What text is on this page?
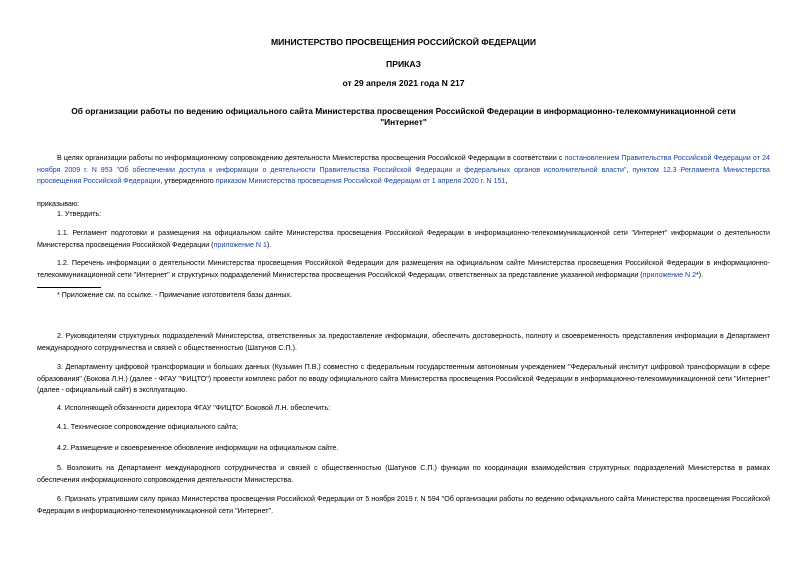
МИНИСТЕРСТВО ПРОСВЕЩЕНИЯ РОССИЙСКОЙ ФЕДЕРАЦИИ
ПРИКАЗ
от 29 апреля 2021 года N 217
Об организации работы по ведению официального сайта Министерства просвещения Российской Федерации в информационно-телекоммуникационной сети
"Интернет"
В целях организации работы по информационному сопровождению деятельности Министерства просвещения Российской Федерации в соответствии с постановлением Правительства Российской Федерации от 24 ноября 2009 г. N 953 "Об обеспечении доступа к информации о деятельности Правительства Российской Федерации и федеральных органов исполнительной власти", пунктом 12.3 Регламента Министерства просвещения Российской Федерации, утвержденного приказом Министерства просвещения Российской Федерации от 1 апреля 2020 г. N 151,
приказываю:
1. Утвердить:
1.1. Регламент подготовки и размещения на официальном сайте Министерства просвещения Российской Федерации в информационно-телекоммуникационной сети "Интернет" информации о деятельности Министерства просвещения Российской Федерации (приложение N 1).
1.2. Перечень информации о деятельности Министерства просвещения Российской Федерации для размещения на официальном сайте Министерства просвещения Российской Федерации в информационно-телекоммуникационной сети "Интернет" и структурных подразделений Министерства просвещения Российской Федерации, ответственных за представление указанной информации (приложение N 2*).
* Приложение см. по ссылке. - Примечание изготовителя базы данных.
2. Руководителям структурных подразделений Министерства, ответственных за предоставление информации, обеспечить достоверность, полноту и своевременность представления информации в Департамент международного сотрудничества и связей с общественностью (Шатунов С.П.).
3. Департаменту цифровой трансформации и больших данных (Кузьмин П.В.) совместно с федеральным государственным автономным учреждением "Федеральный институт цифровой трансформации в сфере образования" (Бокова Л.Н.) (далее - ФГАУ "ФИЦТО") провести комплекс работ по вводу официального сайта Министерства просвещения Российской Федерации в информационно-телекоммуникационной сети "Интернет" (далее - официальный сайт) в эксплуатацию.
4. Исполняющей обязанности директора ФГАУ "ФИЦТО" Боковой Л.Н. обеспечить:
4.1. Техническое сопровождение официального сайта;
4.2. Размещение и своевременное обновление информации на официальном сайте.
5. Возложить на Департамент международного сотрудничества и связей с общественностью (Шатунов С.П.) функции по координации взаимодействия структурных подразделений Министерства в рамках обеспечения информационного сопровождения деятельности Министерства.
6. Признать утратившим силу приказ Министерства просвещения Российской Федерации от 5 ноября 2019 г. N 594 "Об организации работы по ведению официального сайта Министерства просвещения Российской Федерации в информационно-телекоммуникационной сети "Интернет".
